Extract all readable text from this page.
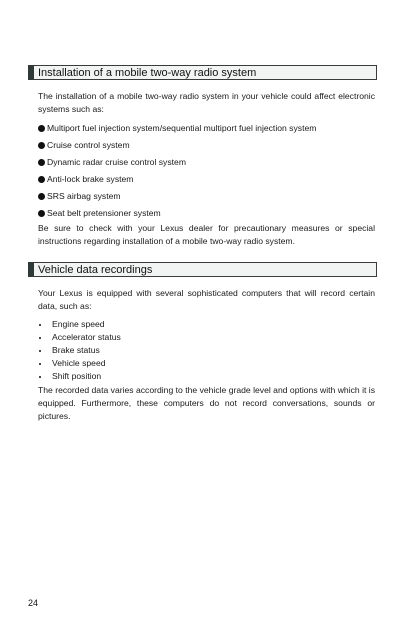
Installation of a mobile two-way radio system

The installation of a mobile two-way radio system in your vehicle could affect electronic systems such as:

Multiport fuel injection system/sequential multiport fuel injection system
Cruise control system
Dynamic radar cruise control system
Anti-lock brake system
SRS airbag system
Seat belt pretensioner system

Be sure to check with your Lexus dealer for precautionary measures or special instructions regarding installation of a mobile two-way radio system.

Vehicle data recordings

Your Lexus is equipped with several sophisticated computers that will record certain data, such as:

Engine speed
Accelerator status
Brake status
Vehicle speed
Shift position

The recorded data varies according to the vehicle grade level and options with which it is equipped. Furthermore, these computers do not record conversations, sounds or pictures.

24
